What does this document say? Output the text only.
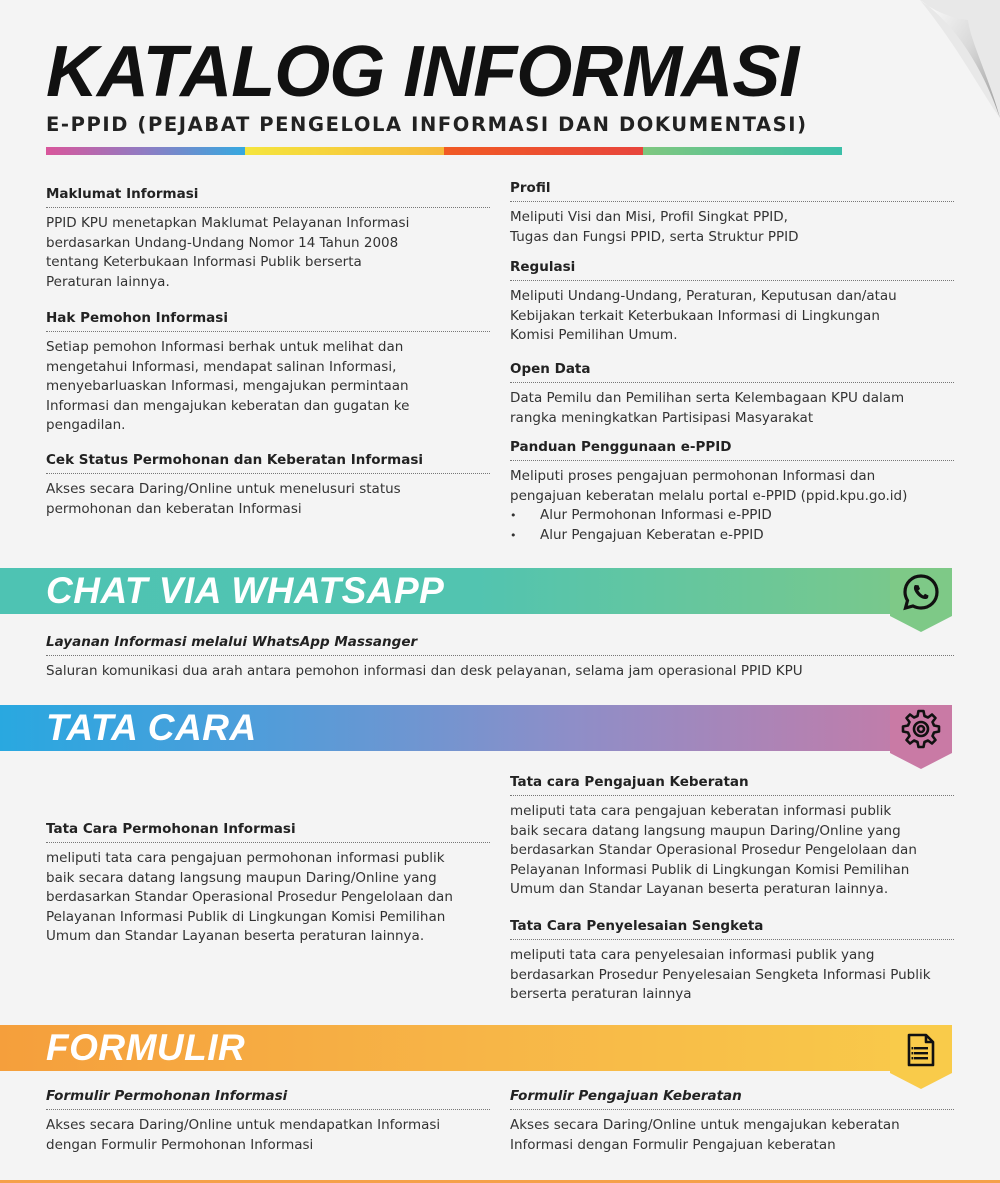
KATALOG INFORMASI
E-PPID (PEJABAT PENGELOLA INFORMASI DAN DOKUMENTASI)
Maklumat Informasi

PPID KPU menetapkan Maklumat Pelayanan Informasi
berdasarkan Undang-Undang Nomor 14 Tahun 2008
tentang Keterbukaan Informasi Publik berserta
Peraturan lainnya.

Hak Pemohon Informasi

Setiap pemohon Informasi berhak untuk melihat dan
mengetahui Informasi, mendapat salinan Informasi,
menyebarluaskan Informasi, mengajukan permintaan
Informasi dan mengajukan keberatan dan gugatan ke
pengadilan.

Cek Status Permohonan dan Keberatan Informasi

Akses secara Daring/Online untuk menelusuri status
permohonan dan keberatan Informasi

Profil

Meliputi Visi dan Misi, Profil Singkat PPID,
Tugas dan Fungsi PPID, serta Struktur PPID

Regulasi

Meliputi Undang-Undang, Peraturan, Keputusan dan/atau
Kebijakan terkait Keterbukaan Informasi di Lingkungan
Komisi Pemilihan Umum.

Open Data

Data Pemilu dan Pemilihan serta Kelembagaan KPU dalam
rangka meningkatkan Partisipasi Masyarakat

Panduan Penggunaan e-PPID

Meliputi proses pengajuan permohonan Informasi dan
pengajuan keberatan melalu portal e-PPID (ppid.kpu.go.id)

• Alur Permohonan Informasi e-PPID
• Alur Pengajuan Keberatan e-PPID
CHAT VIA WHATSAPP
Layanan Informasi melalui WhatsApp Massanger

Saluran komunikasi dua arah antara pemohon informasi dan desk pelayanan, selama jam operasional PPID KPU

TATA CARA
Tata cara Pengajuan Keberatan

meliputi tata cara pengajuan keberatan informasi publik
baik secara datang langsung maupun Daring/Online yang
berdasarkan Standar Operasional Prosedur Pengelolaan dan
Pelayanan Informasi Publik di Lingkungan Komisi Pemilihan
Umum dan Standar Layanan beserta peraturan lainnya.

Tata Cara Permohonan Informasi

meliputi tata cara pengajuan permohonan informasi publik
baik secara datang langsung maupun Daring/Online yang
berdasarkan Standar Operasional Prosedur Pengelolaan dan
Pelayanan Informasi Publik di Lingkungan Komisi Pemilihan
Umum dan Standar Layanan beserta peraturan lainnya.

Tata Cara Penyelesaian Sengketa

meliputi tata cara penyelesaian informasi publik yang
berdasarkan Prosedur Penyelesaian Sengketa Informasi Publik
berserta peraturan lainnya

FORMULIR
Formulir Permohonan Informasi

Akses secara Daring/Online untuk mendapatkan Informasi
dengan Formulir Permohonan Informasi

Formulir Pengajuan Keberatan

Akses secara Daring/Online untuk mengajukan keberatan
Informasi dengan Formulir Pengajuan keberatan
